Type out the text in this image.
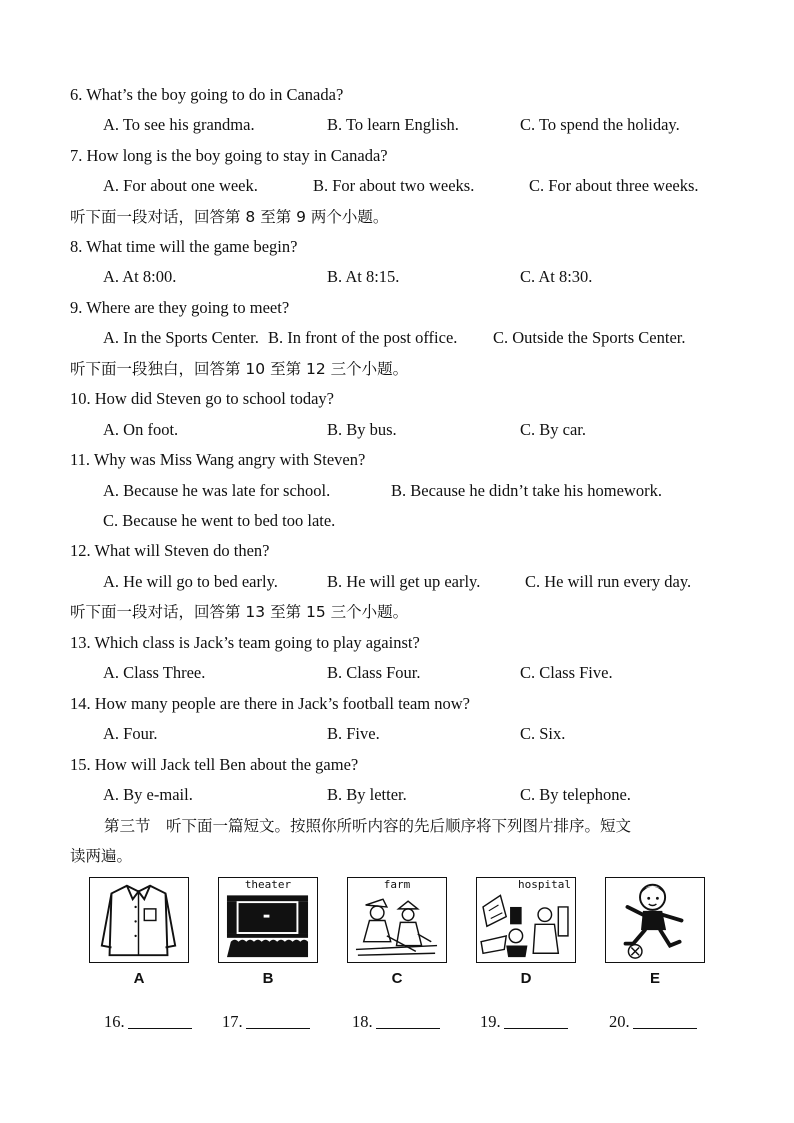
6. What’s the boy going to do in Canada?
A. To see his grandma.	B. To learn English.	C. To spend the holiday.
7. How long is the boy going to stay in Canada?
A. For about one week.	B. For about two weeks.	C. For about three weeks.
听下面一段对话，回答第 8 至第 9 两个小题。
8. What time will the game begin?
A. At 8:00.	B. At 8:15.	C. At 8:30.
9. Where are they going to meet?
A. In the Sports Center. B. In front of the post office. C. Outside the Sports Center.
听下面一段独白，回答第 10 至第 12 三个小题。
10. How did Steven go to school today?
A. On foot.	B. By bus.	C. By car.
11. Why was Miss Wang angry with Steven?
A. Because he was late for school.	B. Because he didn’t take his homework.
C. Because he went to bed too late.
12. What will Steven do then?
A. He will go to bed early.	B. He will get up early.	C. He will run every day.
听下面一段对话，回答第 13 至第 15 三个小题。
13. Which class is Jack’s team going to play against?
A. Class Three.	B. Class Four.	C. Class Five.
14. How many people are there in Jack’s football team now?
A. Four.	B. Five.	C. Six.
15. How will Jack tell Ben about the game?
A. By e-mail.	B. By letter.	C. By telephone.
第三节　听下面一篇短文。按照你所听内容的先后顺序将下列图片排序。短文
读两遍。
A
theater
B
farm
C
hospital
D	E
16.	17.	18.	19.	20.
